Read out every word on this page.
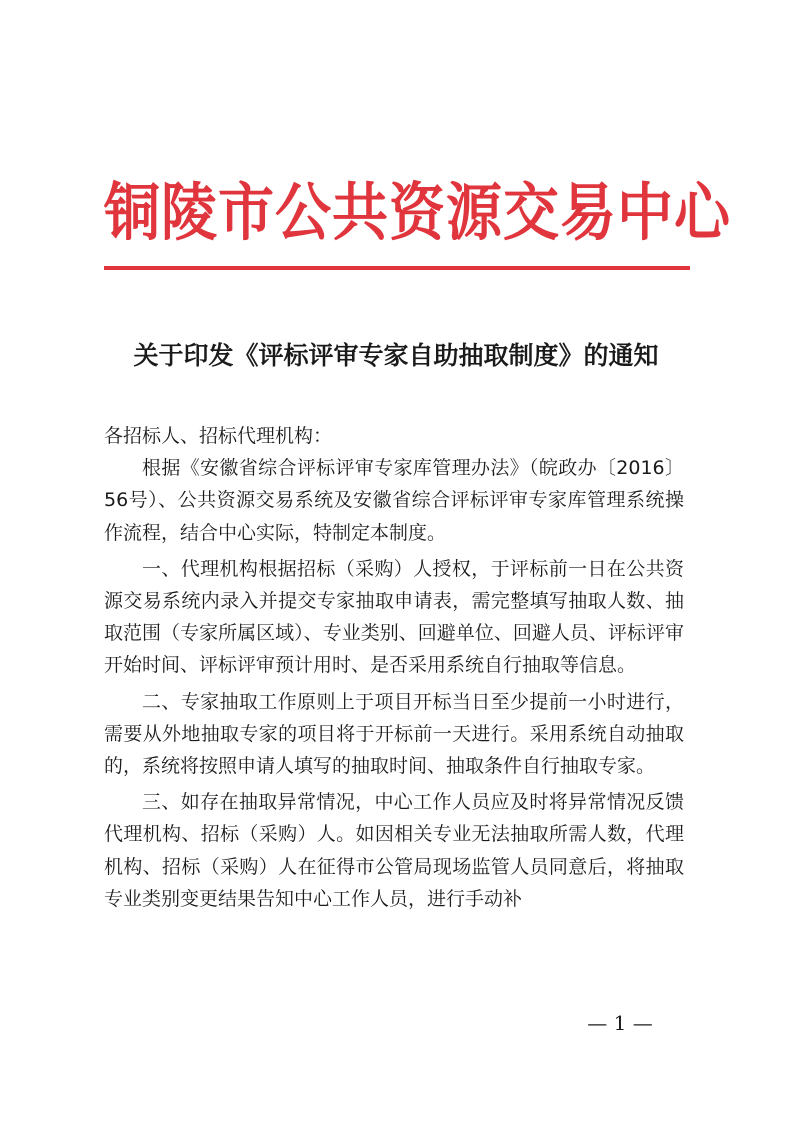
铜陵市公共资源交易中心
关于印发《评标评审专家自助抽取制度》的通知

各招标人、招标代理机构：

根据《安徽省综合评标评审专家库管理办法》（皖政办〔2016〕 56号）、公共资源交易系统及安徽省综合评标评审专家库管理系统操作流程，结合中心实际，特制定本制度。

一、代理机构根据招标（采购）人授权，于评标前一日在公共资源交易系统内录入并提交专家抽取申请表，需完整填写抽取人数、抽取范围（专家所属区域）、专业类别、回避单位、回避人员、评标评审开始时间、评标评审预计用时、是否采用系统自行抽取等信息。

二、专家抽取工作原则上于项目开标当日至少提前一小时进行，需要从外地抽取专家的项目将于开标前一天进行。采用系统自动抽取的，系统将按照申请人填写的抽取时间、抽取条件自行抽取专家。

三、如存在抽取异常情况，中心工作人员应及时将异常情况反馈代理机构、招标（采购）人。如因相关专业无法抽取所需人数，代理机构、招标（采购）人在征得市公管局现场监管人员同意后，将抽取专业类别变更结果告知中心工作人员，进行手动补

— 1 —
